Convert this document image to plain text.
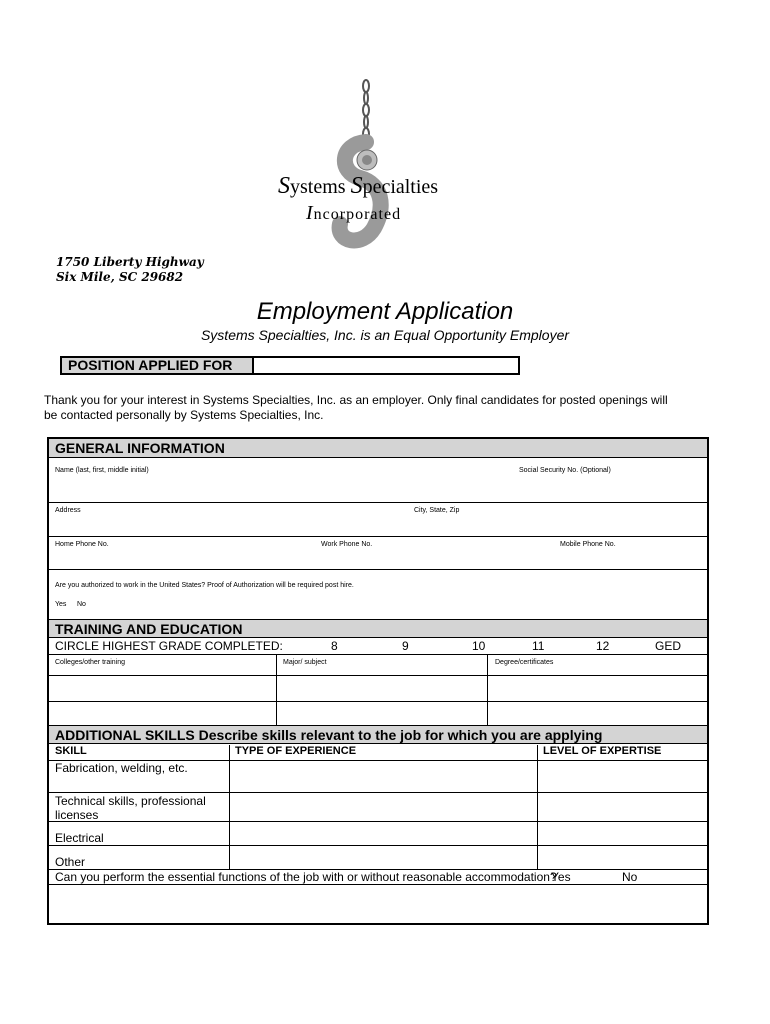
Systems Specialties
Incorporated
1750 Liberty Highway
Six Mile, SC 29682
Employment Application
Systems Specialties, Inc. is an Equal Opportunity Employer
POSITION APPLIED FOR
Thank you for your interest in Systems Specialties, Inc. as an employer. Only final candidates for posted openings will be contacted personally by Systems Specialties, Inc.
GENERAL INFORMATION
Name (last, first, middle initial)	Social Security No. (Optional)
Address	City, State, Zip
Home Phone No.	Work Phone No.	Mobile Phone No.
Are you authorized to work in the United States? Proof of Authorization will be required post hire.
Yes No
TRAINING AND EDUCATION
CIRCLE HIGHEST GRADE COMPLETED:	8	9	10	11	12	GED
Colleges/other training	Major/ subject	Degree/certificates
ADDITIONAL SKILLS Describe skills relevant to the job for which you are applying
SKILL	TYPE OF EXPERIENCE	LEVEL OF EXPERTISE
Fabrication, welding, etc.
Technical skills, professional
licenses
Electrical
Other
Can you perform the essential functions of the job with or without reasonable accommodation?
Yes	No
